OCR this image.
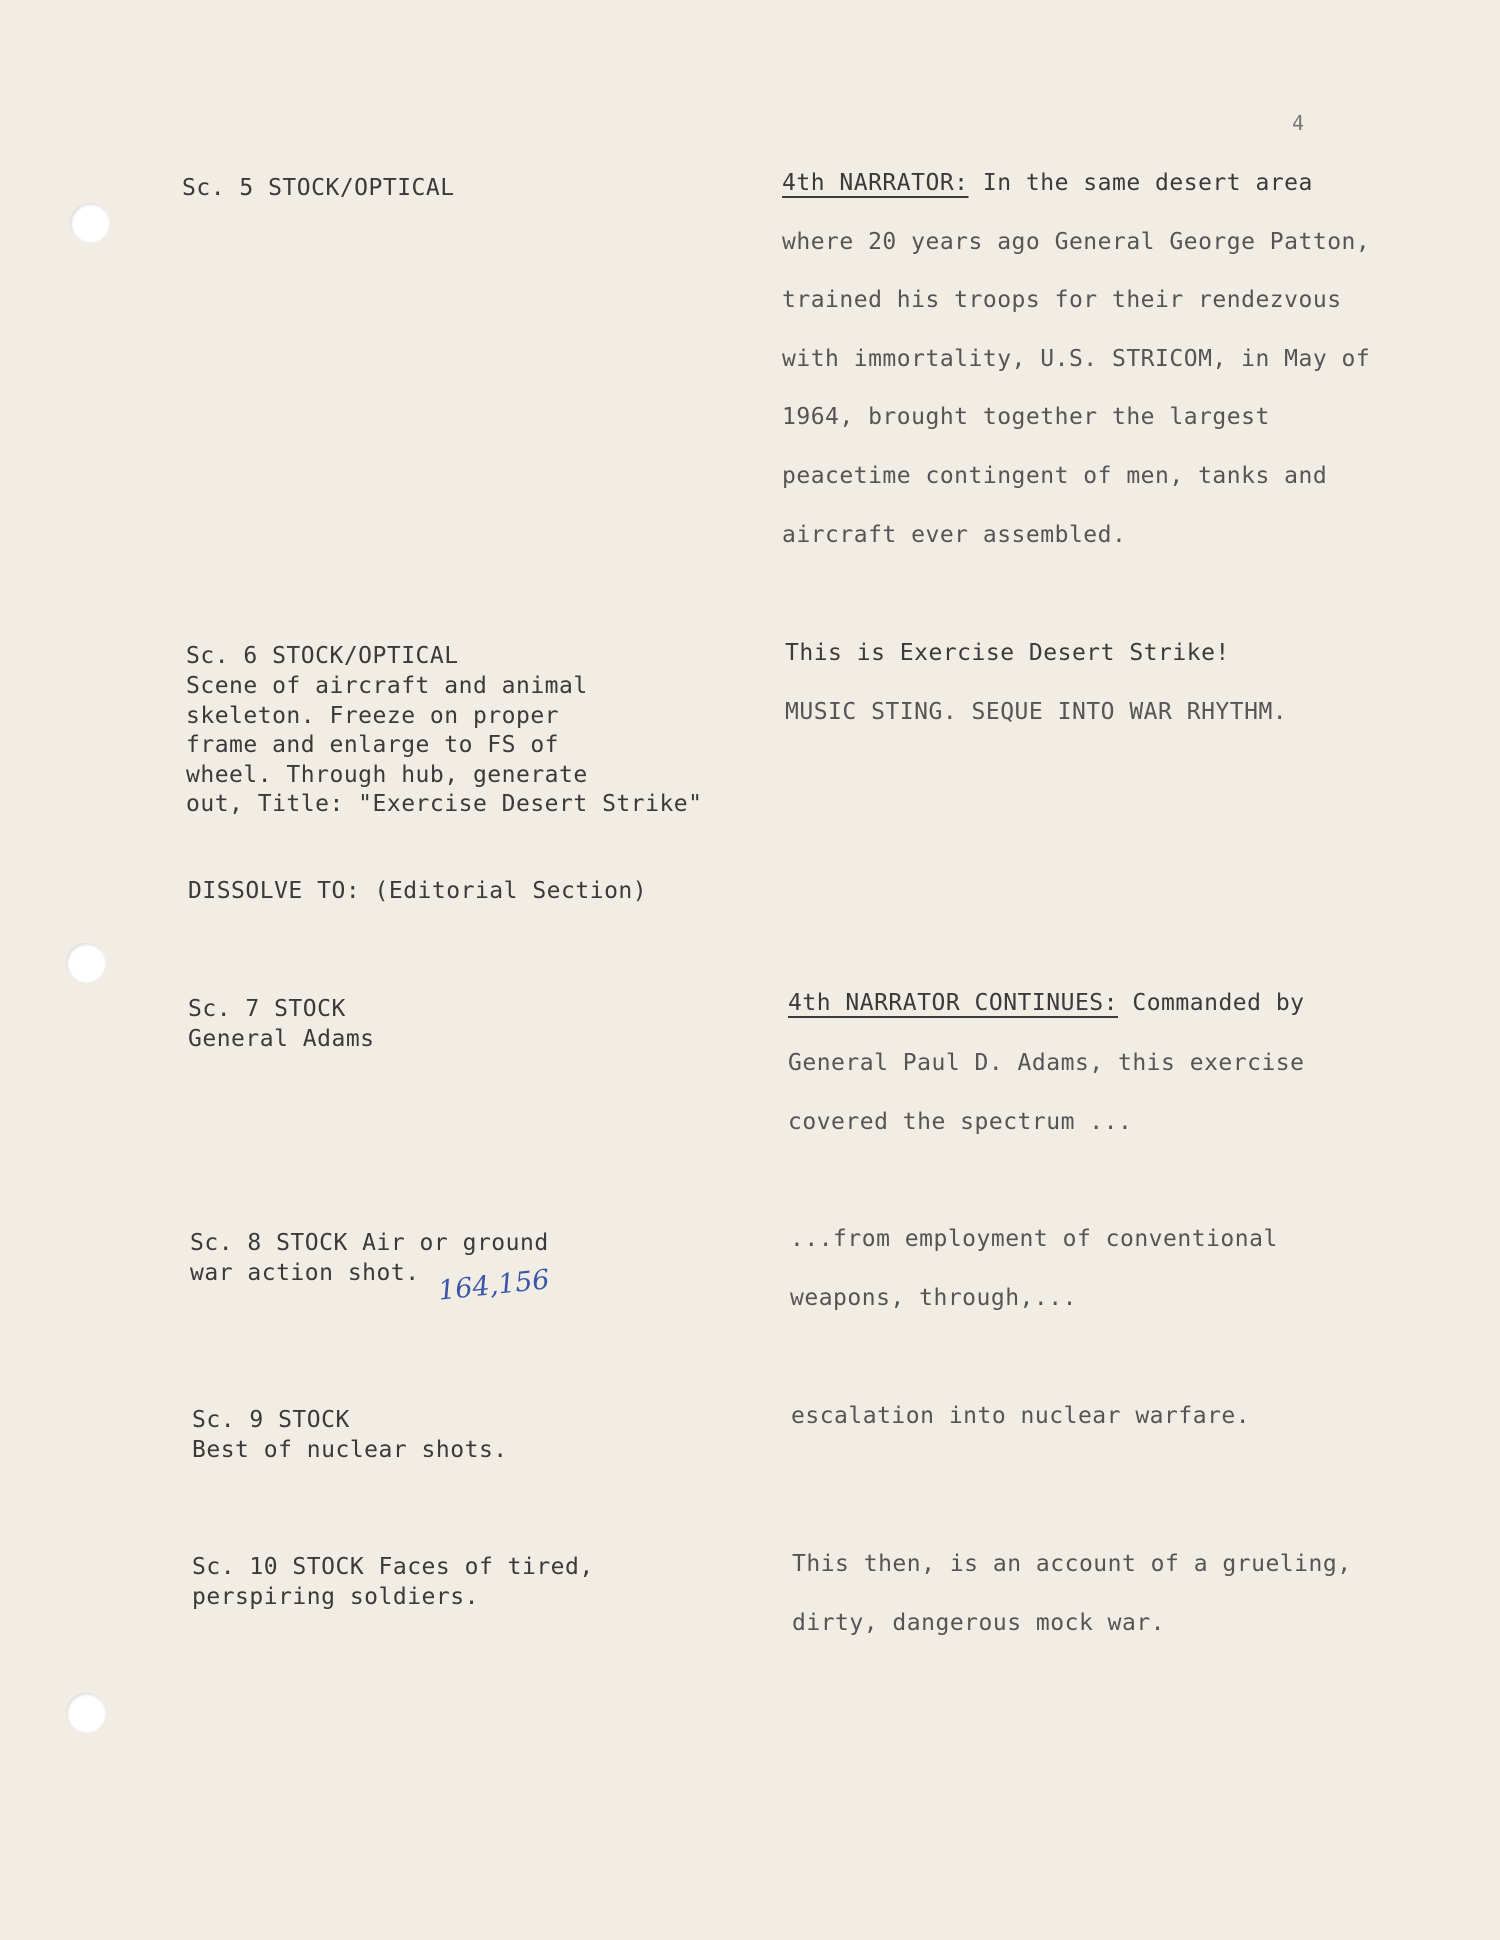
4
Sc. 5 STOCK/OPTICAL	4th NARRATOR: In the same desert area
where 20 years ago General George Patton,
trained his troops for their rendezvous
with immortality, U.S. STRICOM, in May of
1964, brought together the largest
peacetime contingent of men, tanks and
aircraft ever assembled.
Sc. 6 STOCK/OPTICAL
Scene of aircraft and animal
skeleton. Freeze on proper
frame and enlarge to FS of
wheel. Through hub, generate
out, Title: "Exercise Desert Strike"
This is Exercise Desert Strike!
MUSIC STING. SEQUE INTO WAR RHYTHM.
DISSOLVE TO: (Editorial Section)
Sc. 7 STOCK
General Adams
4th NARRATOR CONTINUES: Commanded by
General Paul D. Adams, this exercise
covered the spectrum ...
Sc. 8 STOCK Air or ground
war action shot. 164,156
...from employment of conventional
weapons, through,...
Sc. 9 STOCK
Best of nuclear shots.
escalation into nuclear warfare.
Sc. 10 STOCK Faces of tired,
perspiring soldiers.
This then, is an account of a grueling,
dirty, dangerous mock war.
